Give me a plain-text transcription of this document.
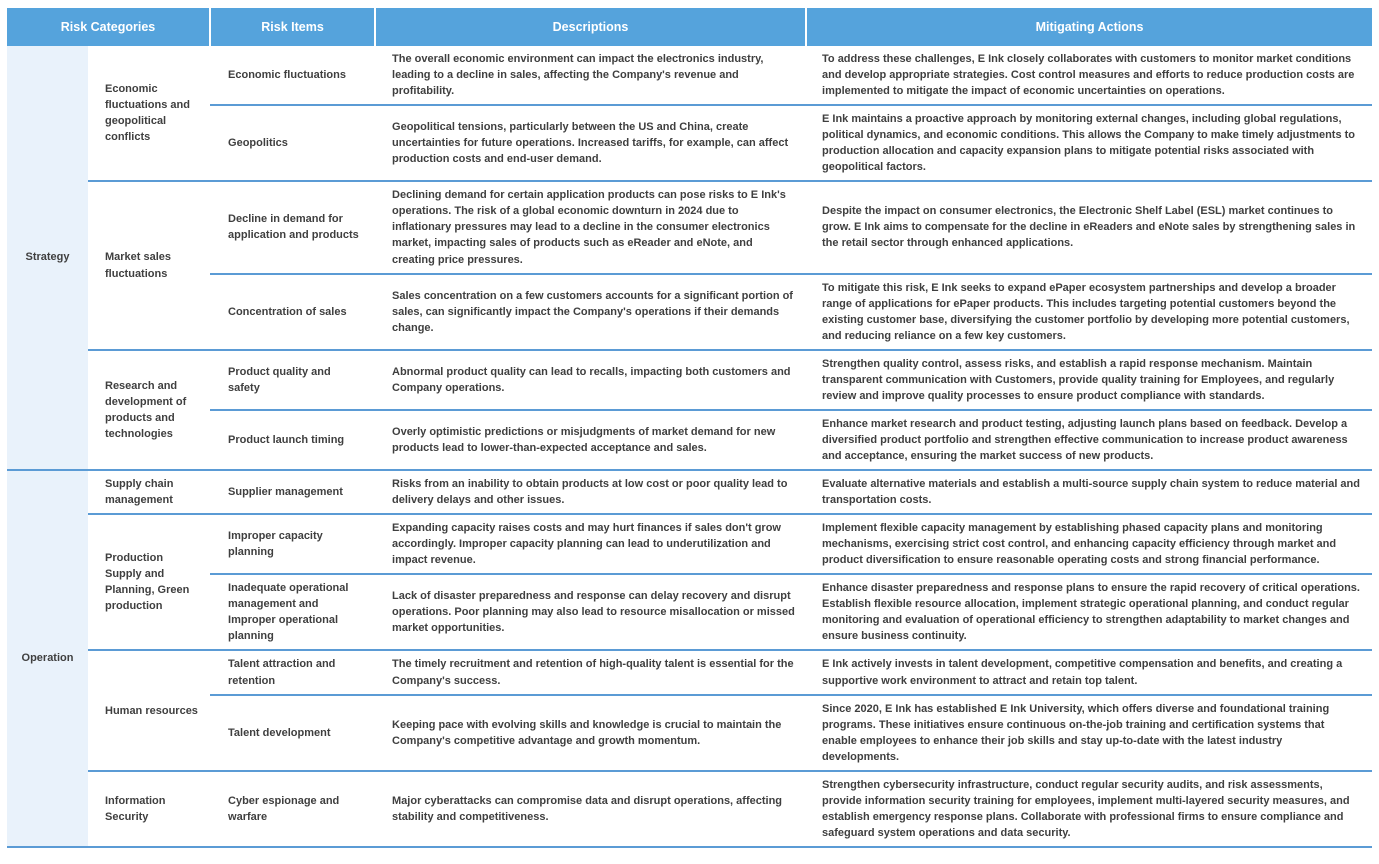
Risk Categories		Risk Items	Descriptions	Mitigating Actions
Strategy	Economic fluctuations and geopolitical conflicts	Economic fluctuations	The overall economic environment can impact the electronics industry, leading to a decline in sales, affecting the Company's revenue and profitability.	To address these challenges, E Ink closely collaborates with customers to monitor market conditions and develop appropriate strategies. Cost control measures and efforts to reduce production costs are implemented to mitigate the impact of economic uncertainties on operations.
		Geopolitics	Geopolitical tensions, particularly between the US and China, create uncertainties for future operations. Increased tariffs, for example, can affect production costs and end-user demand.	E Ink maintains a proactive approach by monitoring external changes, including global regulations, political dynamics, and economic conditions. This allows the Company to make timely adjustments to production allocation and capacity expansion plans to mitigate potential risks associated with geopolitical factors.
Market sales fluctuations	Decline in demand for application and products	Declining demand for certain application products can pose risks to E Ink's operations. The risk of a global economic downturn in 2024 due to inflationary pressures may lead to a decline in the consumer electronics market, impacting sales of products such as eReader and eNote, and creating price pressures.	Despite the impact on consumer electronics, the Electronic Shelf Label (ESL) market continues to grow. E Ink aims to compensate for the decline in eReaders and eNote sales by strengthening sales in the retail sector through enhanced applications.
		Concentration of sales	Sales concentration on a few customers accounts for a significant portion of sales, can significantly impact the Company's operations if their demands change.	To mitigate this risk, E Ink seeks to expand ePaper ecosystem partnerships and develop a broader range of applications for ePaper products. This includes targeting potential customers beyond the existing customer base, diversifying the customer portfolio by developing more potential customers, and reducing reliance on a few key customers.
	Research and development of products and technologies	Product quality and safety	Abnormal product quality can lead to recalls, impacting both customers and Company operations.	Strengthen quality control, assess risks, and establish a rapid response mechanism. Maintain transparent communication with Customers, provide quality training for Employees, and regularly review and improve quality processes to ensure product compliance with standards.
		Product launch timing	Overly optimistic predictions or misjudgments of market demand for new products lead to lower-than-expected acceptance and sales.	Enhance market research and product testing, adjusting launch plans based on feedback. Develop a diversified product portfolio and strengthen effective communication to increase product awareness and acceptance, ensuring the market success of new products.
Operation	Supply chain management	Supplier management	Risks from an inability to obtain products at low cost or poor quality lead to delivery delays and other issues.	Evaluate alternative materials and establish a multi-source supply chain system to reduce material and transportation costs.
	Production Supply and Planning, Green production	Improper capacity planning	Expanding capacity raises costs and may hurt finances if sales don't grow accordingly. Improper capacity planning can lead to underutilization and impact revenue.	Implement flexible capacity management by establishing phased capacity plans and monitoring mechanisms, exercising strict cost control, and enhancing capacity efficiency through market and product diversification to ensure reasonable operating costs and strong financial performance.
		Inadequate operational management and Improper operational planning	Lack of disaster preparedness and response can delay recovery and disrupt operations. Poor planning may also lead to resource misallocation or missed market opportunities.	Enhance disaster preparedness and response plans to ensure the rapid recovery of critical operations. Establish flexible resource allocation, implement strategic operational planning, and conduct regular monitoring and evaluation of operational efficiency to strengthen adaptability to market changes and ensure business continuity.
	Human resources	Talent attraction and retention	The timely recruitment and retention of high-quality talent is essential for the Company's success.	E Ink actively invests in talent development, competitive compensation and benefits, and creating a supportive work environment to attract and retain top talent.
		Talent development	Keeping pace with evolving skills and knowledge is crucial to maintain the Company's competitive advantage and growth momentum.	Since 2020, E Ink has established E Ink University, which offers diverse and foundational training programs. These initiatives ensure continuous on-the-job training and certification systems that enable employees to enhance their job skills and stay up-to-date with the latest industry developments.
	Information Security	Cyber espionage and warfare	Major cyberattacks can compromise data and disrupt operations, affecting stability and competitiveness.	Strengthen cybersecurity infrastructure, conduct regular security audits, and risk assessments, provide information security training for employees, implement multi-layered security measures, and establish emergency response plans. Collaborate with professional firms to ensure compliance and safeguard system operations and data security.
